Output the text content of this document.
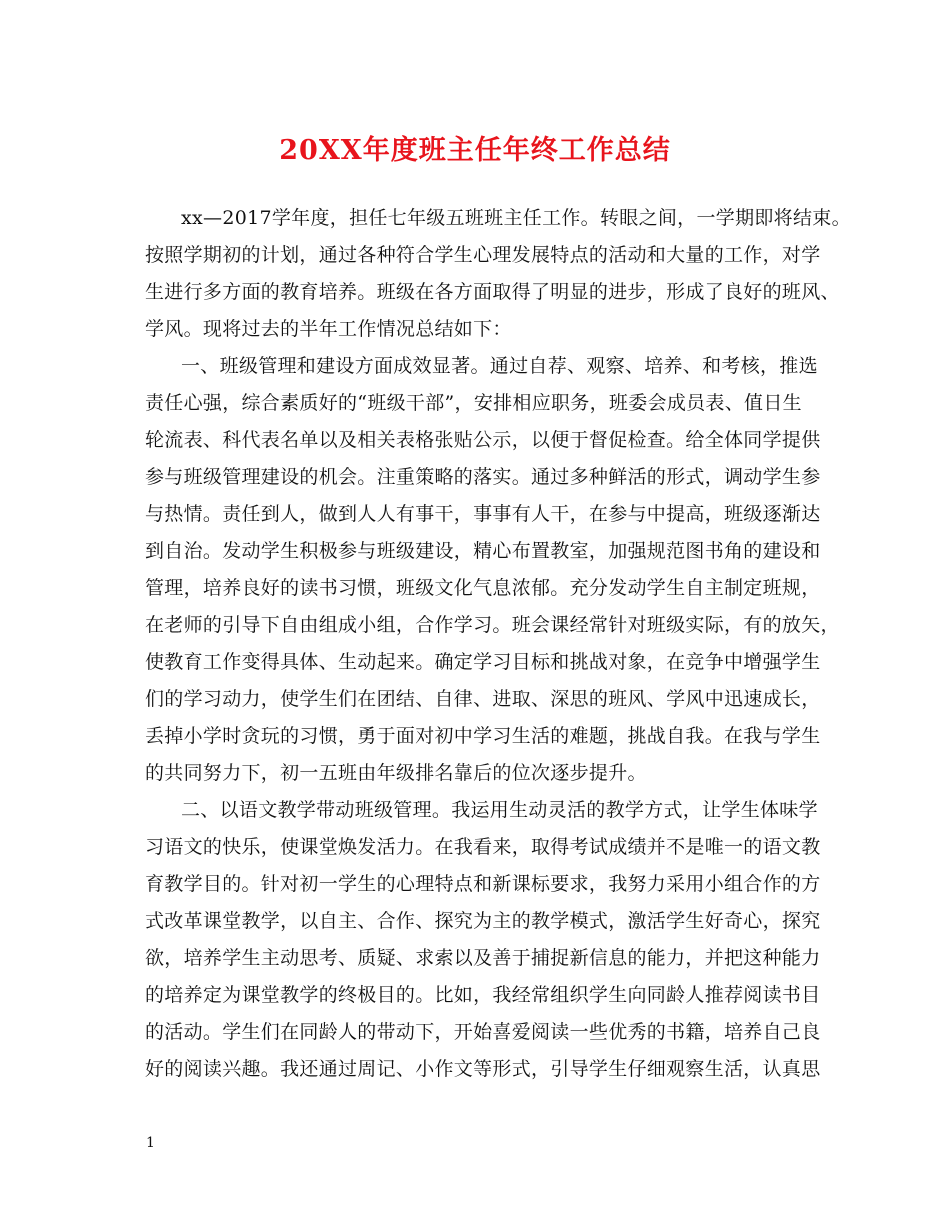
20XX年度班主任年终工作总结
xx—2017学年度，担任七年级五班班主任工作。转眼之间，一学期即将结束。
按照学期初的计划，通过各种符合学生心理发展特点的活动和大量的工作，对学
生进行多方面的教育培养。班级在各方面取得了明显的进步，形成了良好的班风、
学风。现将过去的半年工作情况总结如下：
一、班级管理和建设方面成效显著。通过自荐、观察、培养、和考核，推选
责任心强，综合素质好的“班级干部”，安排相应职务，班委会成员表、值日生
轮流表、科代表名单以及相关表格张贴公示，以便于督促检查。给全体同学提供
参与班级管理建设的机会。注重策略的落实。通过多种鲜活的形式，调动学生参
与热情。责任到人，做到人人有事干，事事有人干，在参与中提高，班级逐渐达
到自治。发动学生积极参与班级建设，精心布置教室，加强规范图书角的建设和
管理，培养良好的读书习惯，班级文化气息浓郁。充分发动学生自主制定班规，
在老师的引导下自由组成小组，合作学习。班会课经常针对班级实际，有的放矢，
使教育工作变得具体、生动起来。确定学习目标和挑战对象，在竞争中增强学生
们的学习动力，使学生们在团结、自律、进取、深思的班风、学风中迅速成长，
丢掉小学时贪玩的习惯，勇于面对初中学习生活的难题，挑战自我。在我与学生
的共同努力下，初一五班由年级排名靠后的位次逐步提升。
二、以语文教学带动班级管理。我运用生动灵活的教学方式，让学生体味学
习语文的快乐，使课堂焕发活力。在我看来，取得考试成绩并不是唯一的语文教
育教学目的。针对初一学生的心理特点和新课标要求，我努力采用小组合作的方
式改革课堂教学，以自主、合作、探究为主的教学模式，激活学生好奇心，探究
欲，培养学生主动思考、质疑、求索以及善于捕捉新信息的能力，并把这种能力
的培养定为课堂教学的终极目的。比如，我经常组织学生向同龄人推荐阅读书目
的活动。学生们在同龄人的带动下，开始喜爱阅读一些优秀的书籍，培养自己良
好的阅读兴趣。我还通过周记、小作文等形式，引导学生仔细观察生活，认真思
1
